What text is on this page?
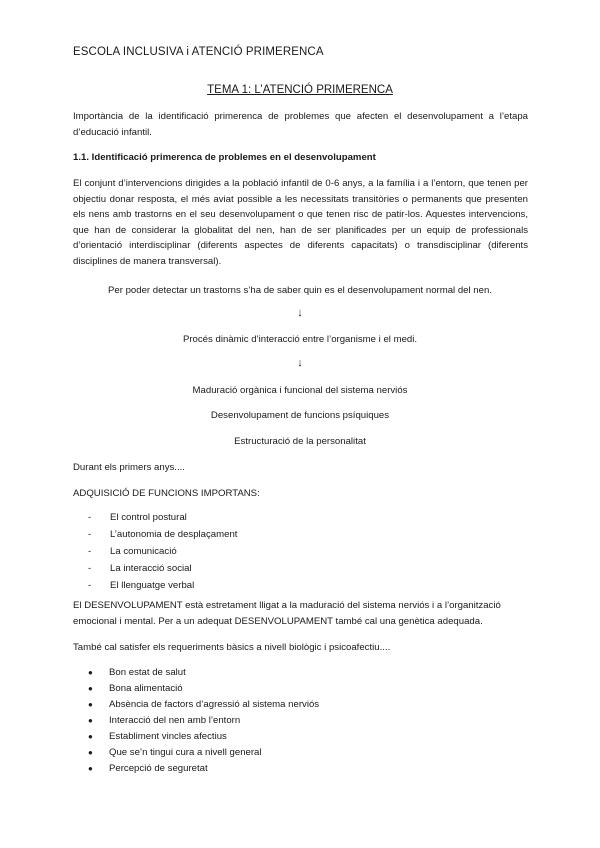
ESCOLA INCLUSIVA i ATENCIÓ PRIMERENCA

TEMA 1: L’ATENCIÓ PRIMERENCA

Importància de la identificació primerenca de problemes que afecten el desenvolupament a l’etapa d’educació infantil.

1.1. Identificació primerenca de problemes en el desenvolupament

El conjunt d’intervencions dirigides a la població infantil de 0-6 anys, a la família i a l’entorn, que tenen per objectiu donar resposta, el més aviat possible a les necessitats transitòries o permanents que presenten els nens amb trastorns en el seu desenvolupament o que tenen risc de patir-los. Aquestes intervencions, que han de considerar la globalitat del nen, han de ser planificades per un equip de professionals d’orientació interdisciplinar (diferents aspectes de diferents capacitats) o transdisciplinar (diferents disciplines de manera transversal).

Per poder detectar un trastorns s’ha de saber quin es el desenvolupament normal del nen.

↓

Procés dinàmic d’interacció entre l’organisme i el medi.

↓

Maduració orgànica i funcional del sistema nerviós

Desenvolupament de funcions psíquiques

Estructuració de la personalitat

Durant els primers anys....

ADQUISICIÓ DE FUNCIONS IMPORTANS:

- El control postural
- L’autonomia de desplaçament
- La comunicació
- La interacció social
- El llenguatge verbal

El DESENVOLUPAMENT està estretament lligat a la maduració del sistema nerviós i a l’organització emocional i mental. Per a un adequat DESENVOLUPAMENT també cal una genètica adequada.

També cal satisfer els requeriments bàsics a nivell biològic i psicoafectiu....

● Bon estat de salut
● Bona alimentació
● Absència de factors d’agressió al sistema nerviós
● Interacció del nen amb l’entorn
● Establiment vincles afectius
● Que se’n tingui cura a nivell general
● Percepció de seguretat
